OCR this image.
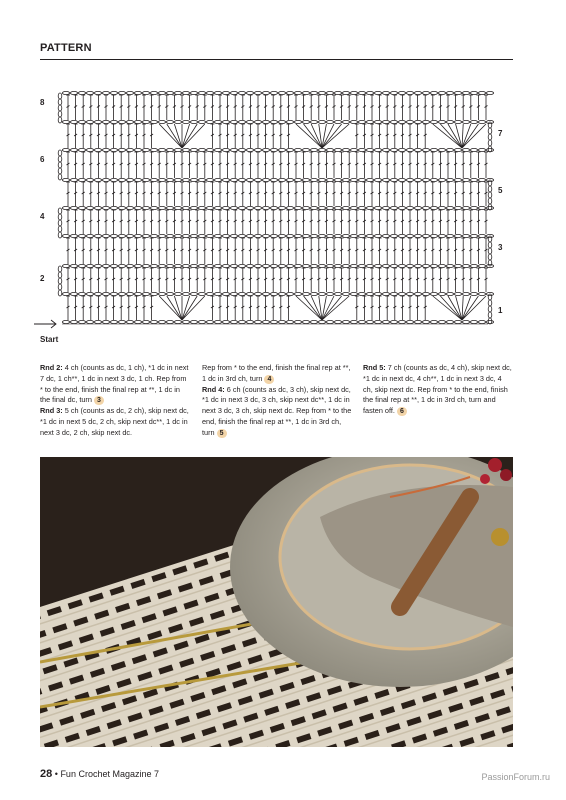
PATTERN
8
6
4
2
7
5
3
1
Start
Rnd 2: 4 ch (counts as dc, 1 ch), *1 dc in next 7 dc, 1 ch**, 1 dc in next 3 dc, 1 ch. Rep from * to the end, finish the final rep at **, 1 dc in the final dc, turn 3
Rnd 3: 5 ch (counts as dc, 2 ch), skip next dc, *1 dc in next 5 dc, 2 ch, skip next dc**, 1 dc in next 3 dc, 2 ch, skip next dc.
Rep from * to the end, finish the final rep at **, 1 dc in 3rd ch, turn 4
Rnd 4: 6 ch (counts as dc, 3 ch), skip next dc, *1 dc in next 3 dc, 3 ch, skip next dc**, 1 dc in next 3 dc, 3 ch, skip next dc. Rep from * to the end, finish the final rep at **, 1 dc in 3rd ch, turn 5
Rnd 5: 7 ch (counts as dc, 4 ch), skip next dc, *1 dc in next dc, 4 ch**, 1 dc in next 3 dc, 4 ch, skip next dc. Rep from * to the end, finish the final rep at **, 1 dc in 3rd ch, turn and fasten off. 6
28 • Fun Crochet Magazine 7	PassionForum.ru
